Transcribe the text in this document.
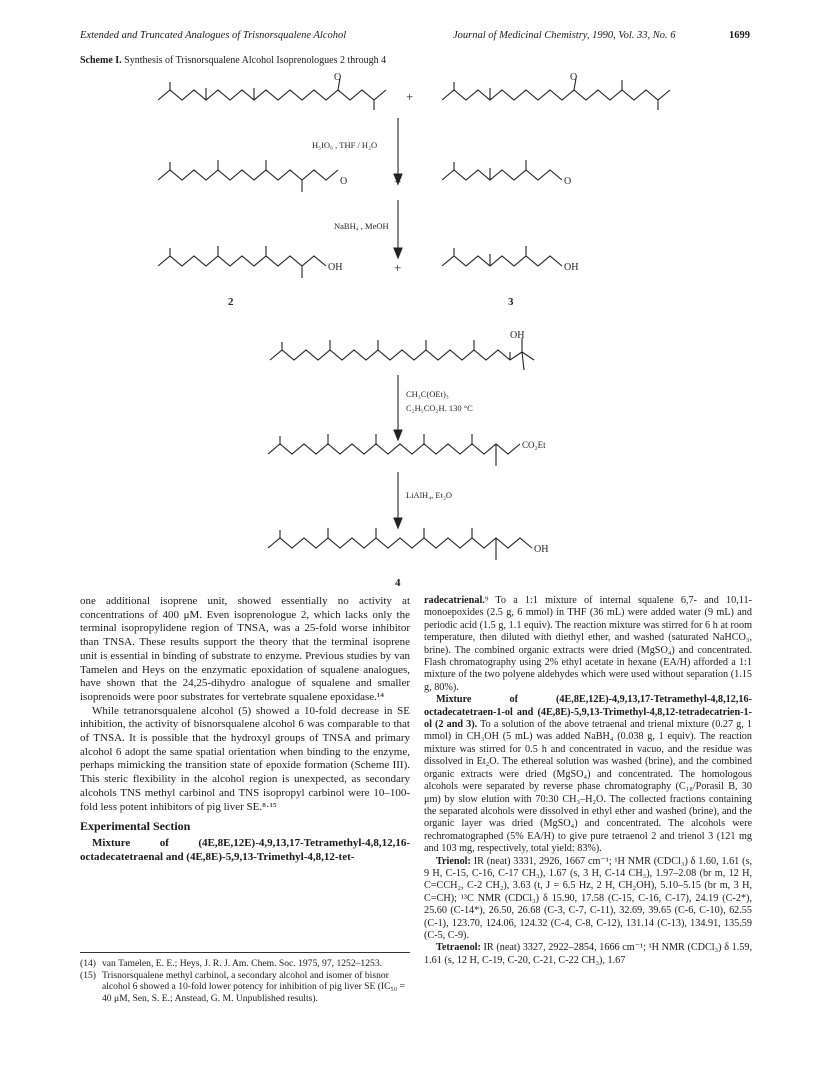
Extended and Truncated Analogues of Trisnorsqualene Alcohol	Journal of Medicinal Chemistry, 1990, Vol. 33, No. 6	1699
Scheme I. Synthesis of Trisnorsqualene Alcohol Isoprenologues 2 through 4
O	O
+
H₅IO₆ , THF / H₂O
O	O
+
NaBH₄ , MeOH
OH	OH
+
2	3
OH
CH₃C(OEt)₃
C₂H₅CO₂H. 130 °C
CO₂Et
LiAlH₄, Et₂O
OH
4

one additional isoprene unit, showed essentially no activity at concentrations of 400 μM. Even isoprenologue 2, which lacks only the terminal isopropylidene region of TNSA, was a 25-fold worse inhibitor than TNSA. These results support the theory that the terminal isoprene unit is essential in binding of substrate to enzyme. Previous studies by van Tamelen and Heys on the enzymatic epoxidation of squalene analogues, have shown that the 24,25-dihydro analogue of squalene and smaller isoprenoids were poor substrates for vertebrate squalene epoxidase.¹⁴

While tetranorsqualene alcohol (5) showed a 10-fold decrease in SE inhibition, the activity of bisnorsqualene alcohol 6 was comparable to that of TNSA. It is possible that the hydroxyl groups of TNSA and primary alcohol 6 adopt the same spatial orientation when binding to the enzyme, perhaps mimicking the transition state of epoxide formation (Scheme III). This steric flexibility in the alcohol region is unexpected, as secondary alcohols TNS methyl carbinol and TNS isopropyl carbinol were 10–100-fold less potent inhibitors of pig liver SE.⁸·¹⁵

Experimental Section

Mixture of (4E,8E,12E)-4,9,13,17-Tetramethyl-4,8,12,16-octadecatetraenal and (4E,8E)-5,9,13-Trimethyl-4,8,12-tet-

radecatrienal.⁹ To a 1:1 mixture of internal squalene 6,7- and 10,11-monoepoxides (2.5 g, 6 mmol) in THF (36 mL) were added water (9 mL) and periodic acid (1.5 g, 1.1 equiv). The reaction mixture was stirred for 6 h at room temperature, then diluted with diethyl ether, and washed (saturated NaHCO₃, brine). The combined organic extracts were dried (MgSO₄) and concentrated. Flash chromatography using 2% ethyl acetate in hexane (EA/H) afforded a 1:1 mixture of the two polyene aldehydes which were used without separation (1.15 g, 80%).

Mixture of (4E,8E,12E)-4,9,13,17-Tetramethyl-4,8,12,16-octadecatetraen-1-ol and (4E,8E)-5,9,13-Trimethyl-4,8,12-tetradecatrien-1-ol (2 and 3). To a solution of the above tetraenal and trienal mixture (0.27 g, 1 mmol) in CH₃OH (5 mL) was added NaBH₄ (0.038 g, 1 equiv). The reaction mixture was stirred for 0.5 h and concentrated in vacuo, and the residue was dissolved in Et₂O. The ethereal solution was washed (brine), and the combined organic extracts were dried (MgSO₄) and concentrated. The homologous alcohols were separated by reverse phase chromatography (C₁₈/Porasil B, 30 μm) by slow elution with 70:30 CH₃–H₂O. The collected fractions containing the separated alcohols were dissolved in ethyl ether and washed (brine), and the organic layer was dried (MgSO₄) and concentrated. The alcohols were rechromatographed (5% EA/H) to give pure tetraenol 2 and trienol 3 (121 mg and 103 mg, respectively, total yield: 83%).

Trienol: IR (neat) 3331, 2926, 1667 cm⁻¹; ¹H NMR (CDCl₃) δ 1.60, 1.61 (s, 9 H, C-15, C-16, C-17 CH₃), 1.67 (s, 3 H, C-14 CH₃), 1.97–2.08 (br m, 12 H, C=CCH₂, C-2 CH₂), 3.63 (t, J = 6.5 Hz, 2 H, CH₂OH), 5.10–5.15 (br m, 3 H, C=CH); ¹³C NMR (CDCl₃) δ 15.90, 17.58 (C-15, C-16, C-17), 24.19 (C-2*), 25.60 (C-14*), 26.50, 26.68 (C-3, C-7, C-11), 32.69, 39.65 (C-6, C-10), 62.55 (C-1), 123.70, 124.06, 124.32 (C-4, C-8, C-12), 131.14 (C-13), 134.91, 135.59 (C-5, C-9).

Tetraenol: IR (neat) 3327, 2922–2854, 1666 cm⁻¹; ¹H NMR (CDCl₃) δ 1.59, 1.61 (s, 12 H, C-19, C-20, C-21, C-22 CH₃), 1.67

(14) van Tamelen, E. E.; Heys, J. R. J. Am. Chem. Soc. 1975, 97, 1252–1253.
(15) Trisnorsqualene methyl carbinol, a secondary alcohol and isomer of bisnor alcohol 6 showed a 10-fold lower potency for inhibition of pig liver SE (IC₅₀ = 40 μM, Sen, S. E.; Anstead, G. M. Unpublished results).
